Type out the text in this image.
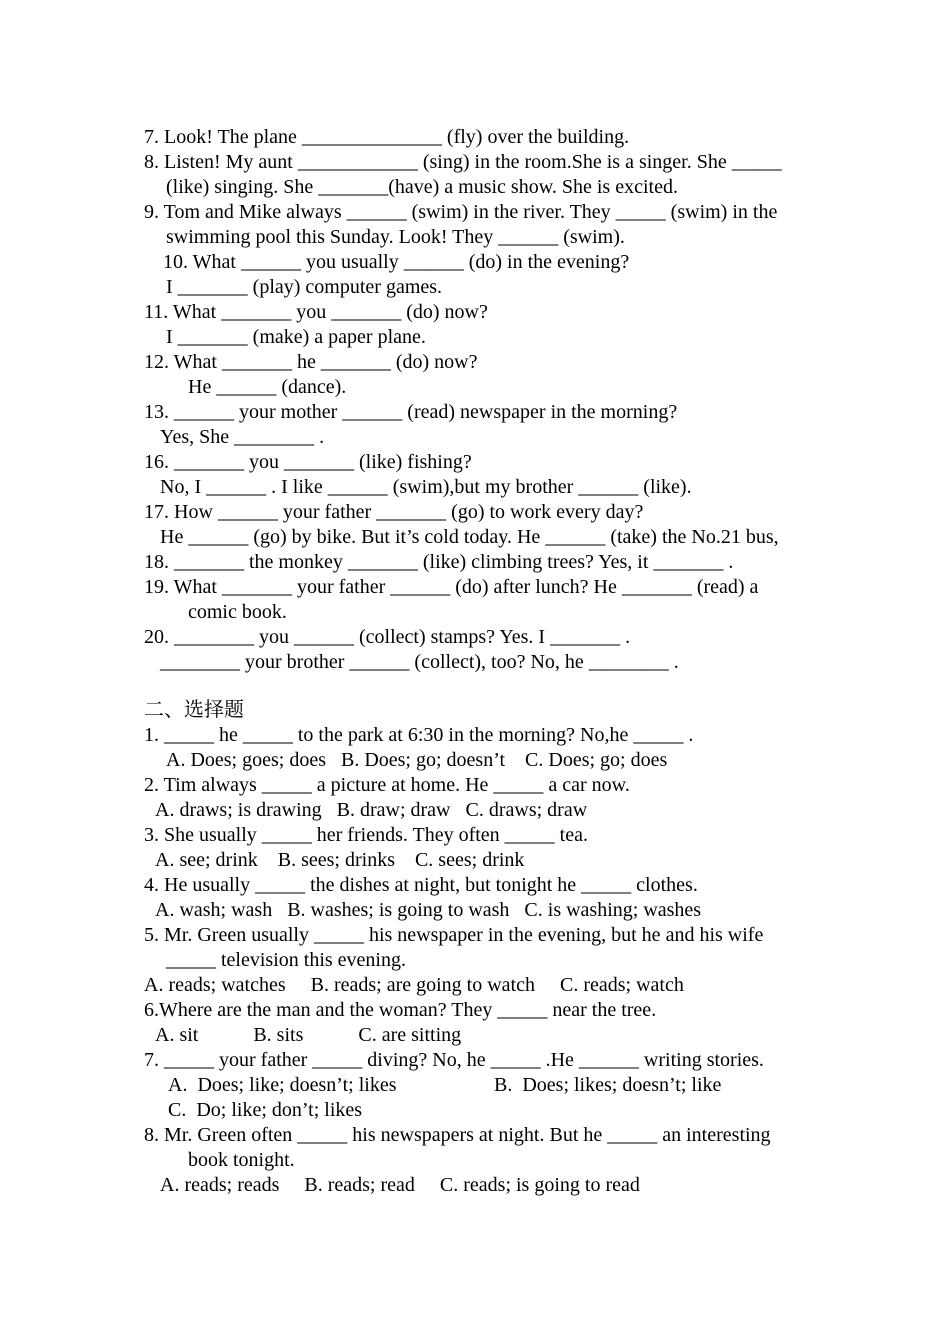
7. Look! The plane ______________ (fly) over the building.
8. Listen! My aunt ____________ (sing) in the room.She is a singer. She _____
(like) singing. She _______(have) a music show. She is excited.
9. Tom and Mike always ______ (swim) in the river. They _____ (swim) in the
swimming pool this Sunday. Look! They ______ (swim).
10. What ______ you usually ______ (do) in the evening?
I _______ (play) computer games.
11. What _______ you _______ (do) now?
I _______ (make) a paper plane.
12. What _______ he _______ (do) now?
He ______ (dance).
13. ______ your mother ______ (read) newspaper in the morning?
Yes, She ________ .
16. _______ you _______ (like) fishing?
No, I ______ . I like ______ (swim),but my brother ______ (like).
17. How ______ your father _______ (go) to work every day?
He ______ (go) by bike. But it’s cold today. He ______ (take) the No.21 bus,
18. _______ the monkey _______ (like) climbing trees? Yes, it _______ .
19. What _______ your father ______ (do) after lunch? He _______ (read) a
comic book.
20. ________ you ______ (collect) stamps? Yes. I _______ .
________ your brother ______ (collect), too? No, he ________ .
二、选择题
1. _____ he _____ to the park at 6:30 in the morning? No,he _____ .
A. Does; goes; does   B. Does; go; doesn’t    C. Does; go; does
2. Tim always _____ a picture at home. He _____ a car now.
A. draws; is drawing   B. draw; draw   C. draws; draw
3. She usually _____ her friends. They often _____ tea.
A. see; drink    B. sees; drinks    C. sees; drink
4. He usually _____ the dishes at night, but tonight he _____ clothes.
A. wash; wash   B. washes; is going to wash   C. is washing; washes
5. Mr. Green usually _____ his newspaper in the evening, but he and his wife
_____ television this evening.
A. reads; watches     B. reads; are going to watch     C. reads; watch
6.Where are the man and the woman? They _____ near the tree.
A. sit           B. sits           C. are sitting
7. _____ your father _____ diving? No, he _____ .He ______ writing stories.
A.  Does; like; doesn’t; likes	B.  Does; likes; doesn’t; like
C.  Do; like; don’t; likes
8. Mr. Green often _____ his newspapers at night. But he _____ an interesting
book tonight.
A. reads; reads     B. reads; read     C. reads; is going to read
